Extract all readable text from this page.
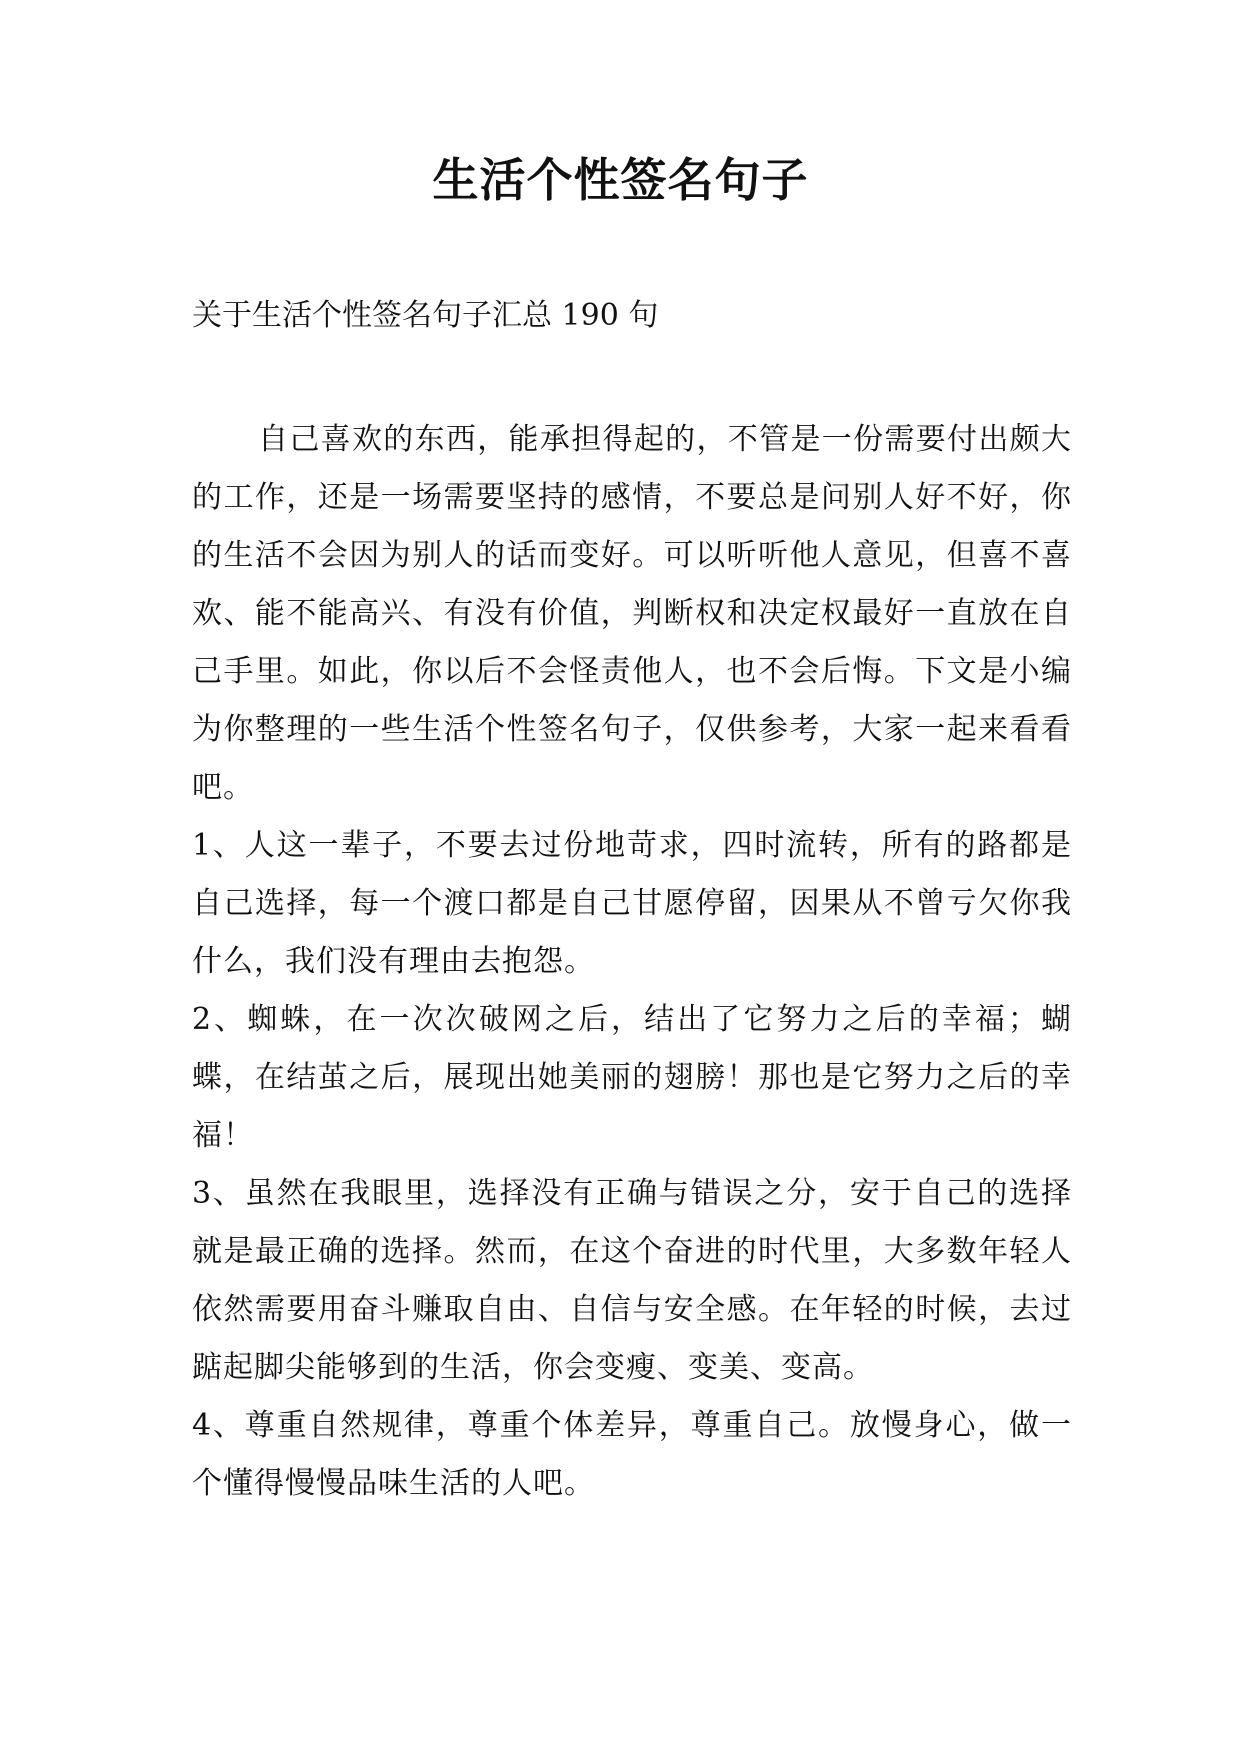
生活个性签名句子

关于生活个性签名句子汇总 190 句

自己喜欢的东西，能承担得起的，不管是一份需要付出颇大的工作，还是一场需要坚持的感情，不要总是问别人好不好，你的生活不会因为别人的话而变好。可以听听他人意见，但喜不喜欢、能不能高兴、有没有价值，判断权和决定权最好一直放在自己手里。如此，你以后不会怪责他人，也不会后悔。下文是小编为你整理的一些生活个性签名句子，仅供参考，大家一起来看看吧。

1、人这一辈子，不要去过份地苛求，四时流转，所有的路都是自己选择，每一个渡口都是自己甘愿停留，因果从不曾亏欠你我什么，我们没有理由去抱怨。

2、蜘蛛，在一次次破网之后，结出了它努力之后的幸福；蝴蝶，在结茧之后，展现出她美丽的翅膀！那也是它努力之后的幸福！

3、虽然在我眼里，选择没有正确与错误之分，安于自己的选择就是最正确的选择。然而，在这个奋进的时代里，大多数年轻人依然需要用奋斗赚取自由、自信与安全感。在年轻的时候，去过踮起脚尖能够到的生活，你会变瘦、变美、变高。

4、尊重自然规律，尊重个体差异，尊重自己。放慢身心，做一个懂得慢慢品味生活的人吧。
